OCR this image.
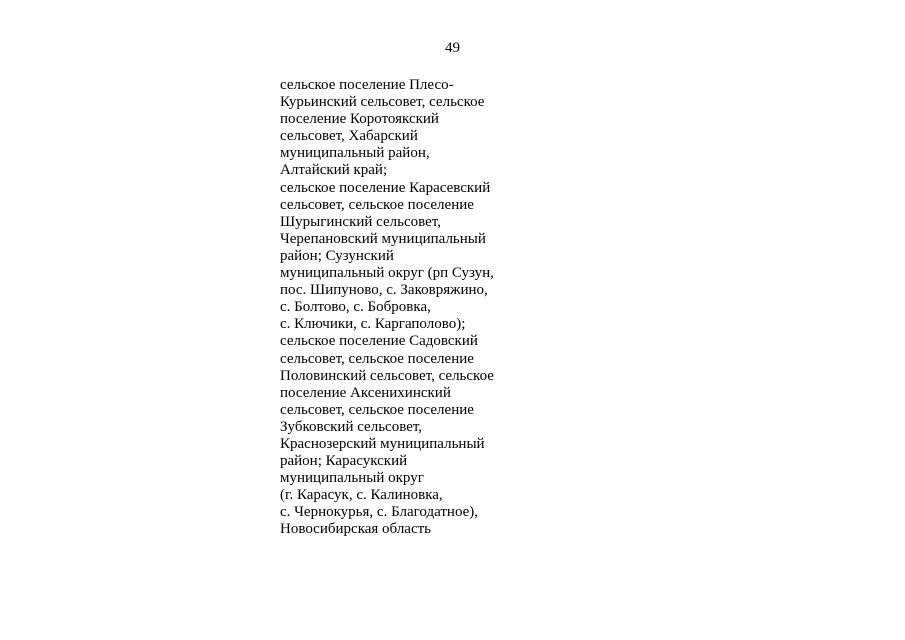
49
сельское поселение Плесо-
Курьинский сельсовет, сельское
поселение Коротоякский
сельсовет, Хабарский
муниципальный район,
Алтайский край;
сельское поселение Карасевский
сельсовет, сельское поселение
Шурыгинский сельсовет,
Черепановский муниципальный
район; Сузунский
муниципальный округ (рп Сузун,
пос. Шипуново, с. Заковряжино,
с. Болтово, с. Бобровка,
с. Ключики, с. Каргаполово);
сельское поселение Садовский
сельсовет, сельское поселение
Половинский сельсовет, сельское
поселение Аксенихинский
сельсовет, сельское поселение
Зубковский сельсовет,
Краснозерский муниципальный
район; Карасукский
муниципальный округ
(г. Карасук, с. Калиновка,
с. Чернокурья, с. Благодатное),
Новосибирская область
